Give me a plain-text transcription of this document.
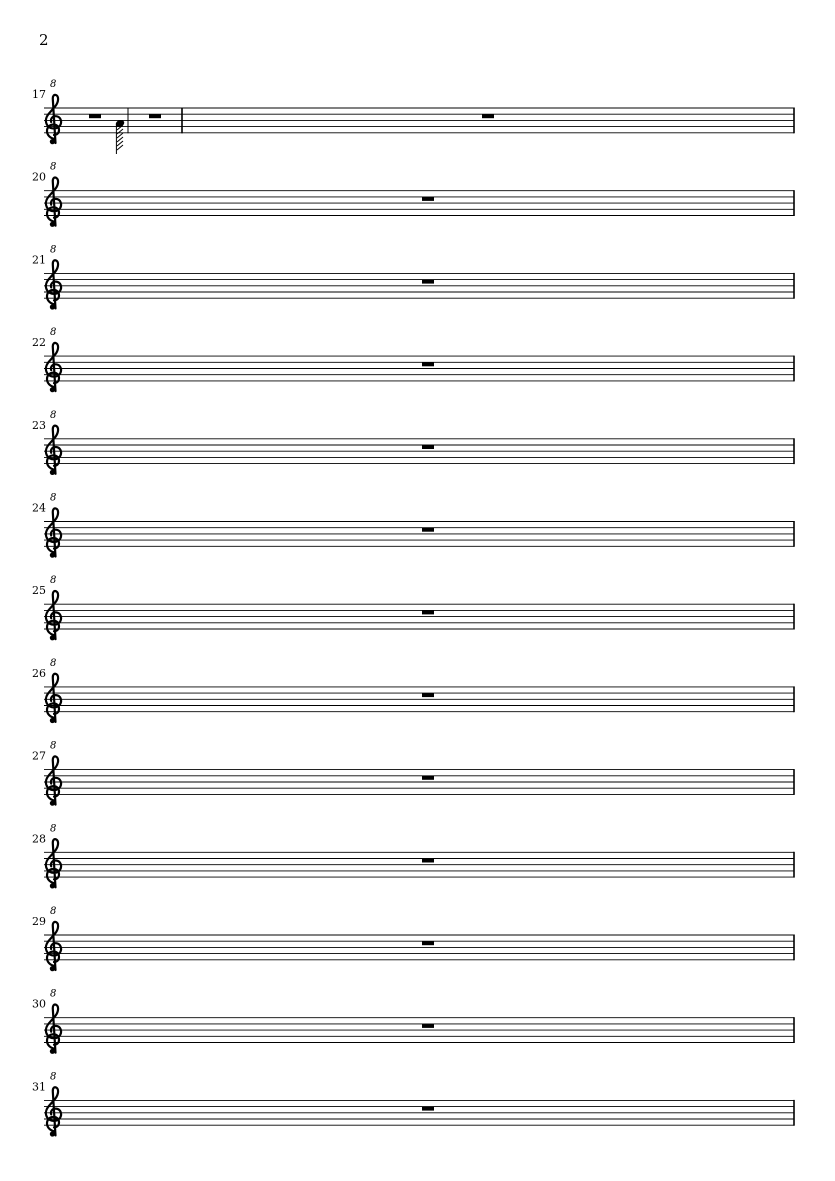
2
17
8
20
8
21
8
22
8
23
8
24
8
25
8
26
8
27
8
28
8
29
8
30
8
31
8
